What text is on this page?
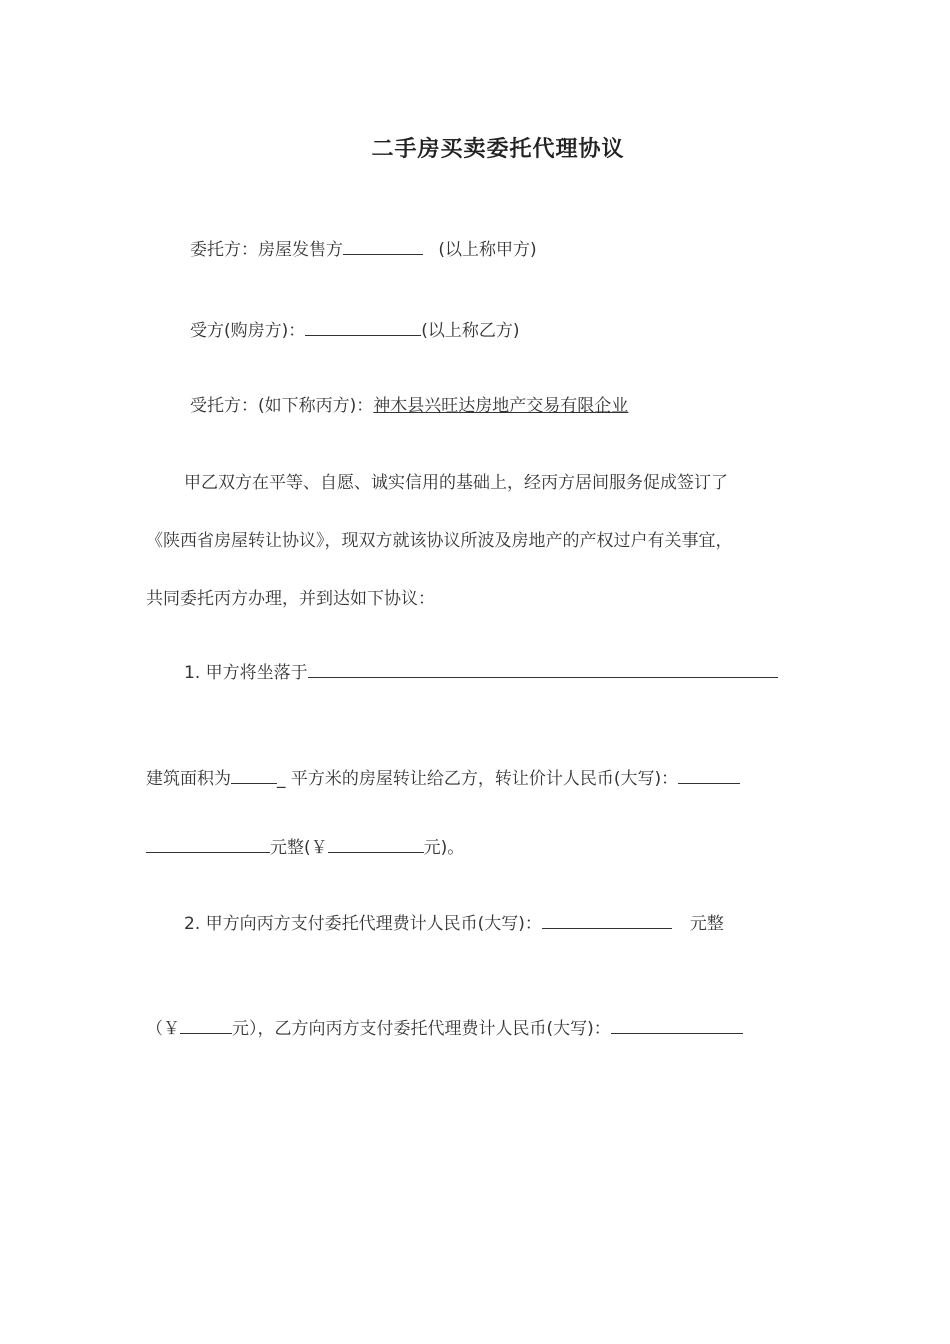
二手房买卖委托代理协议
委托方：房屋发售方	(以上称甲方)
受方(购房方)：	(以上称乙方)
受托方：(如下称丙方)：神木县兴旺达房地产交易有限企业
甲乙双方在平等、自愿、诚实信用的基础上，经丙方居间服务促成签订了
《陕西省房屋转让协议》，现双方就该协议所波及房地产的产权过户有关事宜，
共同委托丙方办理，并到达如下协议：
1. 甲方将坐落于
建筑面积为	_ 平方米的房屋转让给乙方，转让价计人民币(大写)：
元整(￥	元)。
2. 甲方向丙方支付委托代理费计人民币(大写)：	元整
（￥	元），乙方向丙方支付委托代理费计人民币(大写)：
